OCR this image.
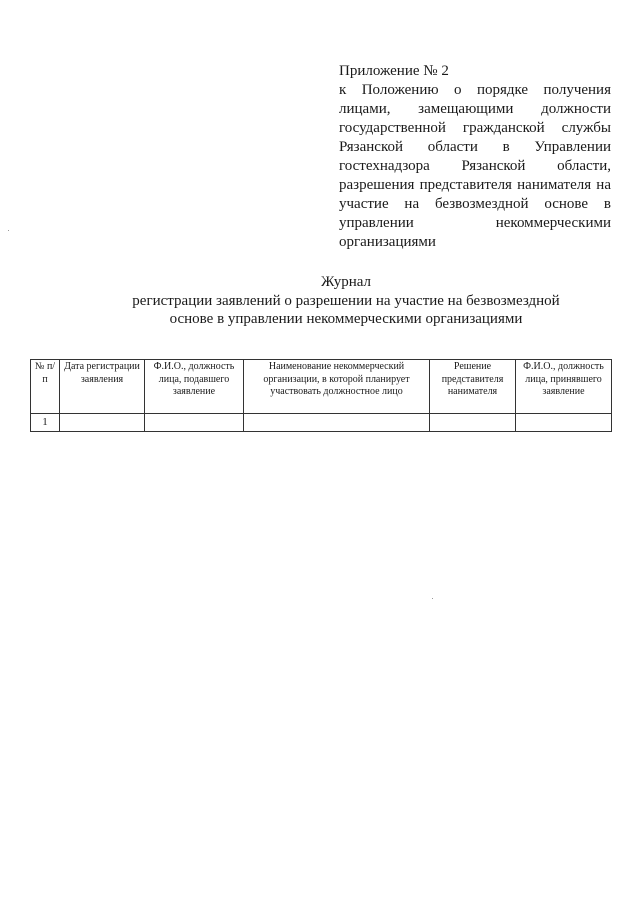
Приложение № 2
к Положению о порядке получения лицами, замещающими должности государственной гражданской службы Рязанской области в Управлении гостехнадзора Рязанской области, разрешения представителя нанимателя на участие на безвозмездной основе в управлении некоммерческими организациями
Журнал
регистрации заявлений о разрешении на участие на безвозмездной
основе в управлении некоммерческими организациями
№ п/п	Дата регистрации заявления	Ф.И.О., должность лица, подавшего заявление	Наименование некоммерческий организации, в которой планирует участвовать должностное лицо	Решение представителя нанимателя	Ф.И.О., должность лица, принявшего заявление
1					
